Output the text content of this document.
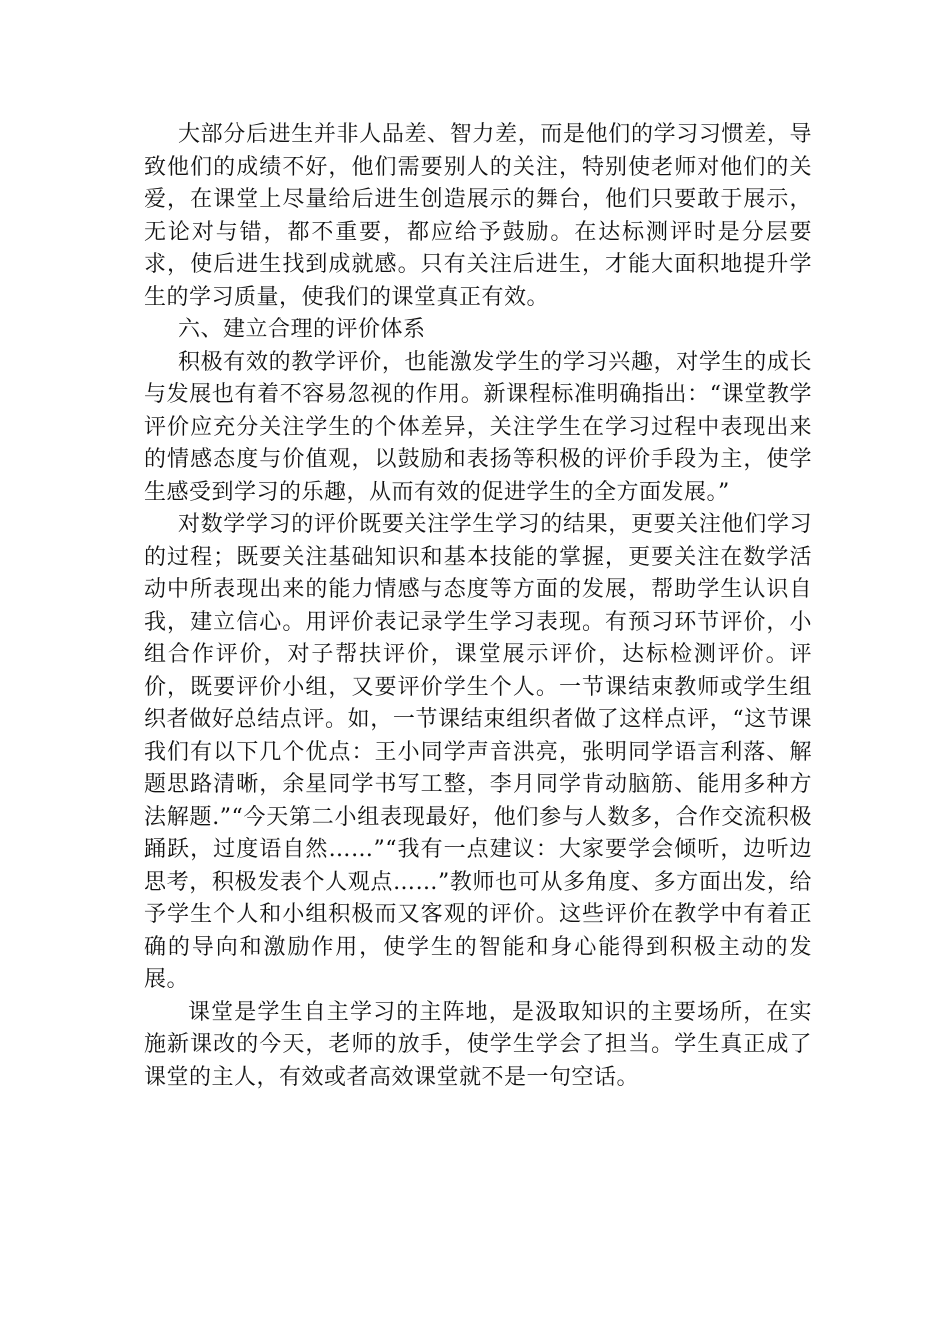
大部分后进生并非人品差、智力差，而是他们的学习习惯差，导致他们的成绩不好，他们需要别人的关注，特别使老师对他们的关爱，在课堂上尽量给后进生创造展示的舞台，他们只要敢于展示，无论对与错，都不重要，都应给予鼓励。在达标测评时是分层要求，使后进生找到成就感。只有关注后进生，才能大面积地提升学生的学习质量，使我们的课堂真正有效。

六、建立合理的评价体系

积极有效的教学评价，也能激发学生的学习兴趣，对学生的成长与发展也有着不容易忽视的作用。新课程标准明确指出：“课堂教学评价应充分关注学生的个体差异，关注学生在学习过程中表现出来的情感态度与价值观，以鼓励和表扬等积极的评价手段为主，使学生感受到学习的乐趣，从而有效的促进学生的全方面发展。”

对数学学习的评价既要关注学生学习的结果，更要关注他们学习的过程；既要关注基础知识和基本技能的掌握，更要关注在数学活动中所表现出来的能力情感与态度等方面的发展，帮助学生认识自我，建立信心。用评价表记录学生学习表现。有预习环节评价，小组合作评价，对子帮扶评价，课堂展示评价，达标检测评价。评价，既要评价小组，又要评价学生个人。一节课结束教师或学生组织者做好总结点评。如，一节课结束组织者做了这样点评，“这节课我们有以下几个优点：王小同学声音洪亮，张明同学语言利落、解题思路清晰，余星同学书写工整，李月同学肯动脑筋、能用多种方法解题.”“今天第二小组表现最好，他们参与人数多，合作交流积极踊跃，过度语自然……”“我有一点建议：大家要学会倾听，边听边思考，积极发表个人观点……”教师也可从多角度、多方面出发，给予学生个人和小组积极而又客观的评价。这些评价在教学中有着正确的导向和激励作用，使学生的智能和身心能得到积极主动的发展。

课堂是学生自主学习的主阵地，是汲取知识的主要场所，在实施新课改的今天，老师的放手，使学生学会了担当。学生真正成了课堂的主人，有效或者高效课堂就不是一句空话。
